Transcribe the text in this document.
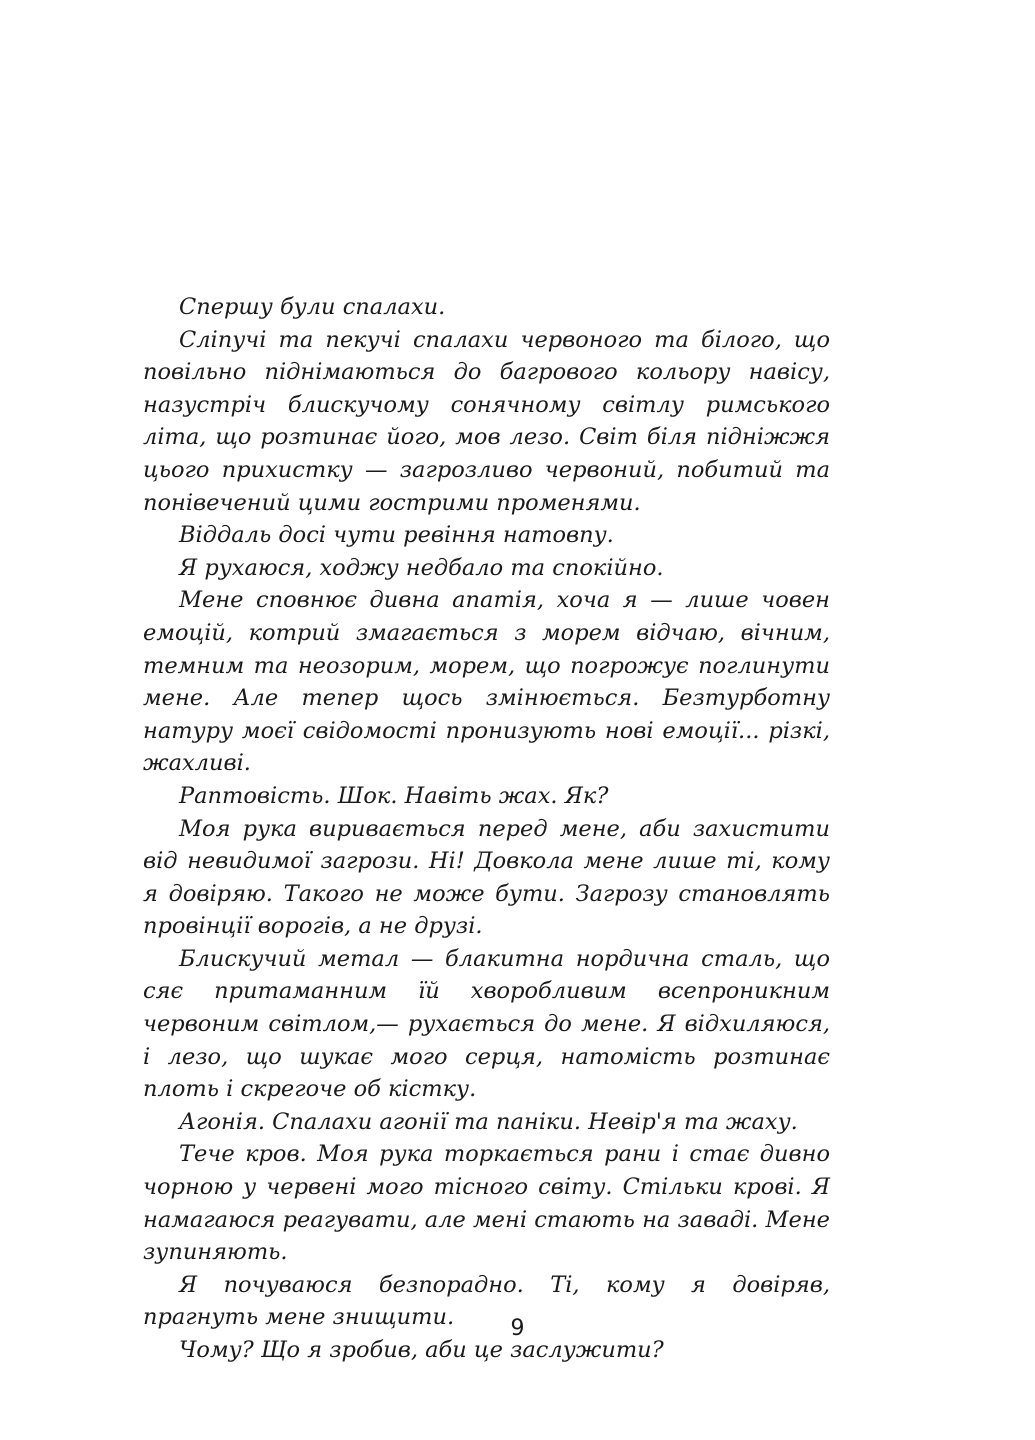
Спершу були спалахи.

Сліпучі та пекучі спалахи червоного та білого, що повільно піднімаються до багрового кольору навісу, назустріч блискучому сонячному світлу римського літа, що розтинає його, мов лезо. Світ біля підніжжя цього прихистку — загрозливо червоний, побитий та понівечений цими гострими променями.

Віддаль досі чути ревіння натовпу.

Я рухаюся, ходжу недбало та спокійно.

Мене сповнює дивна апатія, хоча я — лише човен емоцій, котрий змагається з морем відчаю, вічним, темним та неозорим, морем, що погрожує поглинути мене. Але тепер щось змінюється. Безтурботну натуру моєї свідомості пронизують нові емоції... різкі, жахливі.

Раптовість. Шок. Навіть жах. Як?

Моя рука виривається перед мене, аби захистити від невидимої загрози. Ні! Довкола мене лише ті, кому я довіряю. Такого не може бути. Загрозу становлять провінції ворогів, а не друзі.

Блискучий метал — блакитна нордична сталь, що сяє притаманним їй хворобливим всепроникним червоним світлом,— рухається до мене. Я відхиляюся, і лезо, що шукає мого серця, натомість розтинає плоть і скрегоче об кістку.

Агонія. Спалахи агонії та паніки. Невір'я та жаху.

Тече кров. Моя рука торкається рани і стає дивно чорною у червені мого тісного світу. Стільки крові. Я намагаюся реагувати, але мені стають на заваді. Мене зупиняють.

Я почуваюся безпорадно. Ті, кому я довіряв, прагнуть мене знищити.

Чому? Що я зробив, аби це заслужити?

9
